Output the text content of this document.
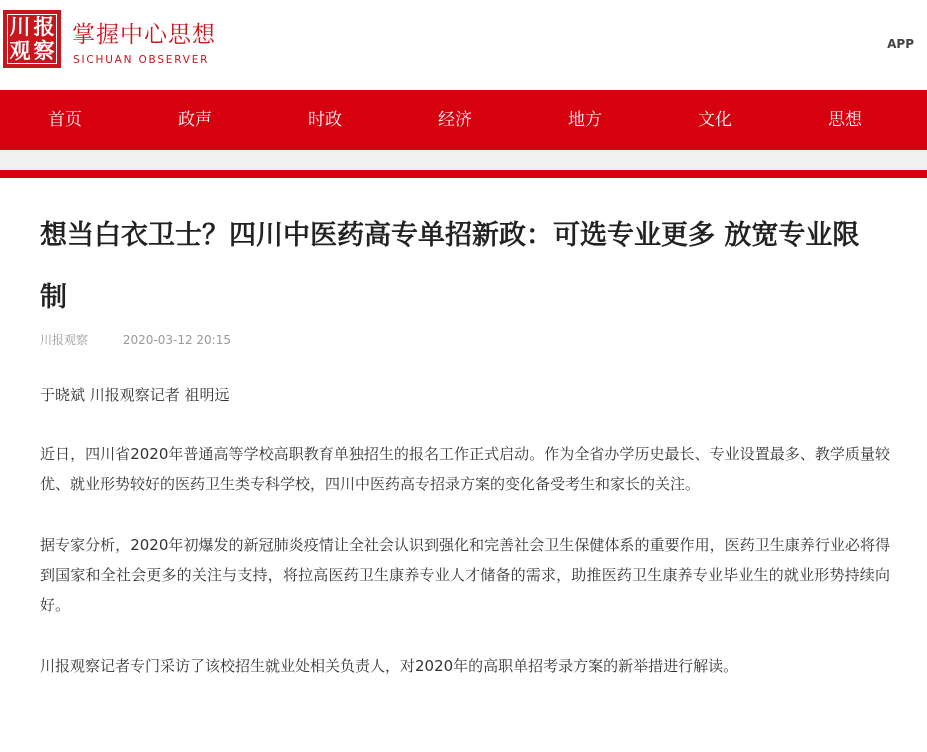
川 报
观 察
掌握中心思想
SICHUAN OBSERVER
APP
首页	政声	时政	经济	地方	文化	思想
想当白衣卫士？四川中医药高专单招新政：可选专业更多 放宽专业限制
川报观察	2020-03-12 20:15

于晓斌 川报观察记者 祖明远

近日，四川省2020年普通高等学校高职教育单独招生的报名工作正式启动。作为全省办学历史最长、专业设置最多、教学质量较优、就业形势较好的医药卫生类专科学校，四川中医药高专招录方案的变化备受考生和家长的关注。

据专家分析，2020年初爆发的新冠肺炎疫情让全社会认识到强化和完善社会卫生保健体系的重要作用，医药卫生康养行业必将得到国家和全社会更多的关注与支持，将拉高医药卫生康养专业人才储备的需求，助推医药卫生康养专业毕业生的就业形势持续向好。

川报观察记者专门采访了该校招生就业处相关负责人，对2020年的高职单招考录方案的新举措进行解读。
